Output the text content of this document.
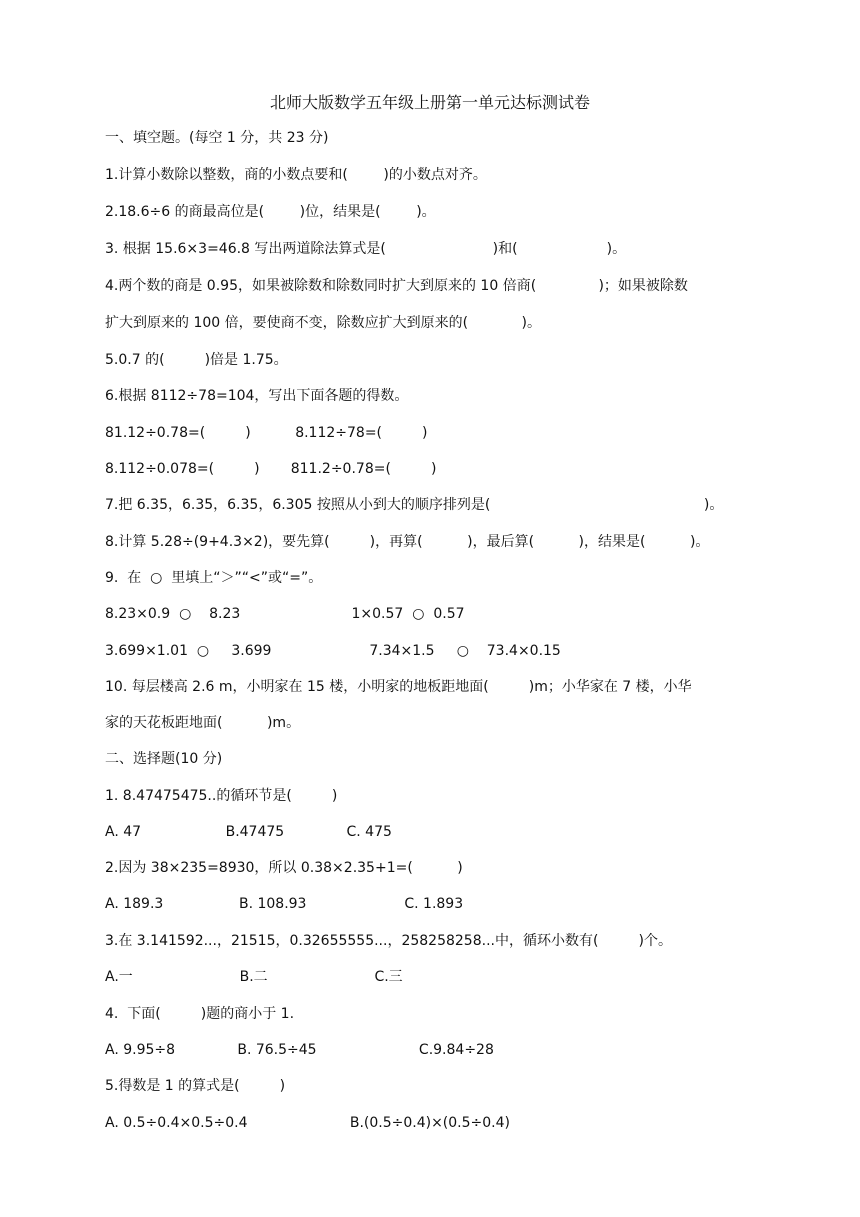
北师大版数学五年级上册第一单元达标测试卷
一、填空题。(每空 1 分，共 23 分)
1.计算小数除以整数，商的小数点要和(        )的小数点对齐。
2.18.6÷6 的商最高位是(        )位，结果是(        )。
3. 根据 15.6×3=46.8 写出两道除法算式是(                        )和(                    )。
4.两个数的商是 0.95，如果被除数和除数同时扩大到原来的 10 倍商(              )；如果被除数
扩大到原来的 100 倍，要使商不变，除数应扩大到原来的(            )。
5.0.7 的(         )倍是 1.75。
6.根据 8112÷78=104，写出下面各题的得数。
81.12÷0.78=(         )          8.112÷78=(         )
8.112÷0.078=(         )       811.2÷0.78=(         )
7.把 6.35，6.35，6.35，6.305 按照从小到大的顺序排列是(                                                )。
8.计算 5.28÷(9+4.3×2)，要先算(         )，再算(          )，最后算(          )，结果是(          )。
9.  在  ○  里填上“＞”“<”或“=”。
8.23×0.9  ○    8.23                         1×0.57  ○  0.57
3.699×1.01  ○     3.699                      7.34×1.5     ○    73.4×0.15
10. 每层楼高 2.6 m，小明家在 15 楼，小明家的地板距地面(         )m；小华家在 7 楼，小华
家的天花板距地面(          )m。
二、选择题(10 分)
1. 8.47475475..的循环节是(         )
A. 47                   B.47475              C. 475
2.因为 38×235=8930，所以 0.38×2.35+1=(          )
A. 189.3                 B. 108.93                      C. 1.893
3.在 3.141592...，21515，0.32655555...，258258258...中，循环小数有(         )个。
A.一                        B.二                        C.三
4.  下面(         )题的商小于 1.
A. 9.95÷8              B. 76.5÷45                       C.9.84÷28
5.得数是 1 的算式是(         )
A. 0.5÷0.4×0.5÷0.4                       B.(0.5÷0.4)×(0.5÷0.4)
